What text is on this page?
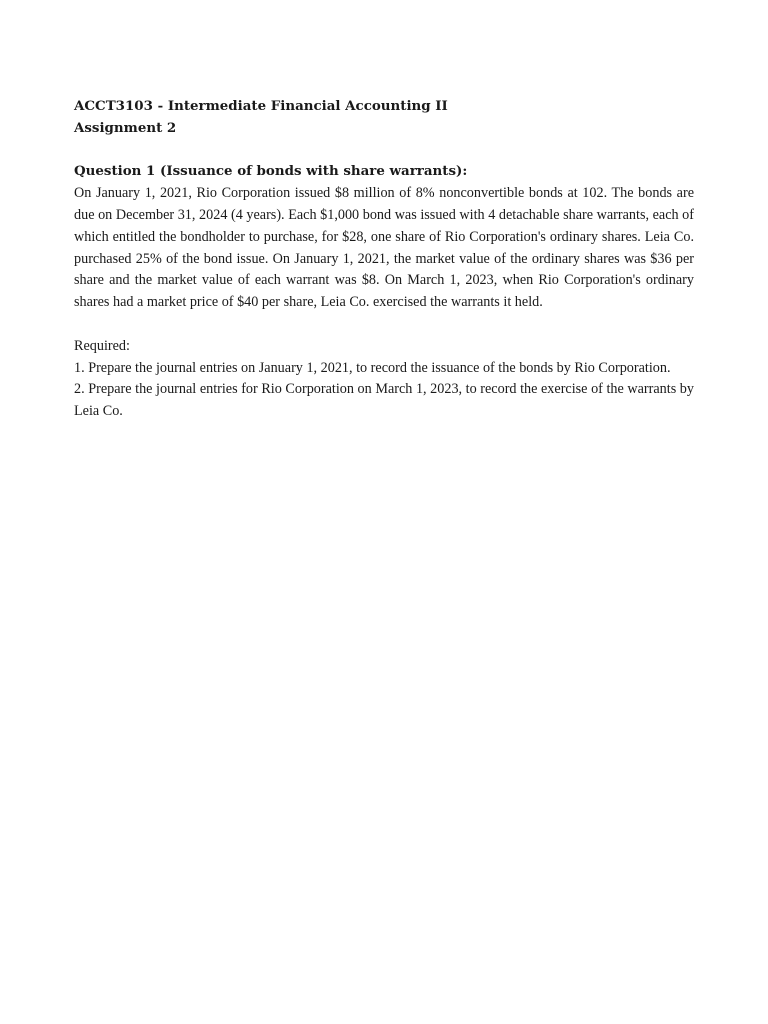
ACCT3103 - Intermediate Financial Accounting II

Assignment 2

Question 1 (Issuance of bonds with share warrants):

On January 1, 2021, Rio Corporation issued $8 million of 8% nonconvertible bonds at 102. The bonds are due on December 31, 2024 (4 years). Each $1,000 bond was issued with 4 detachable share warrants, each of which entitled the bondholder to purchase, for $28, one share of Rio Corporation's ordinary shares. Leia Co. purchased 25% of the bond issue. On January 1, 2021, the market value of the ordinary shares was $36 per share and the market value of each warrant was $8. On March 1, 2023, when Rio Corporation's ordinary shares had a market price of $40 per share, Leia Co. exercised the warrants it held.

Required:

1. Prepare the journal entries on January 1, 2021, to record the issuance of the bonds by Rio Corporation.

2. Prepare the journal entries for Rio Corporation on March 1, 2023, to record the exercise of the warrants by Leia Co.
